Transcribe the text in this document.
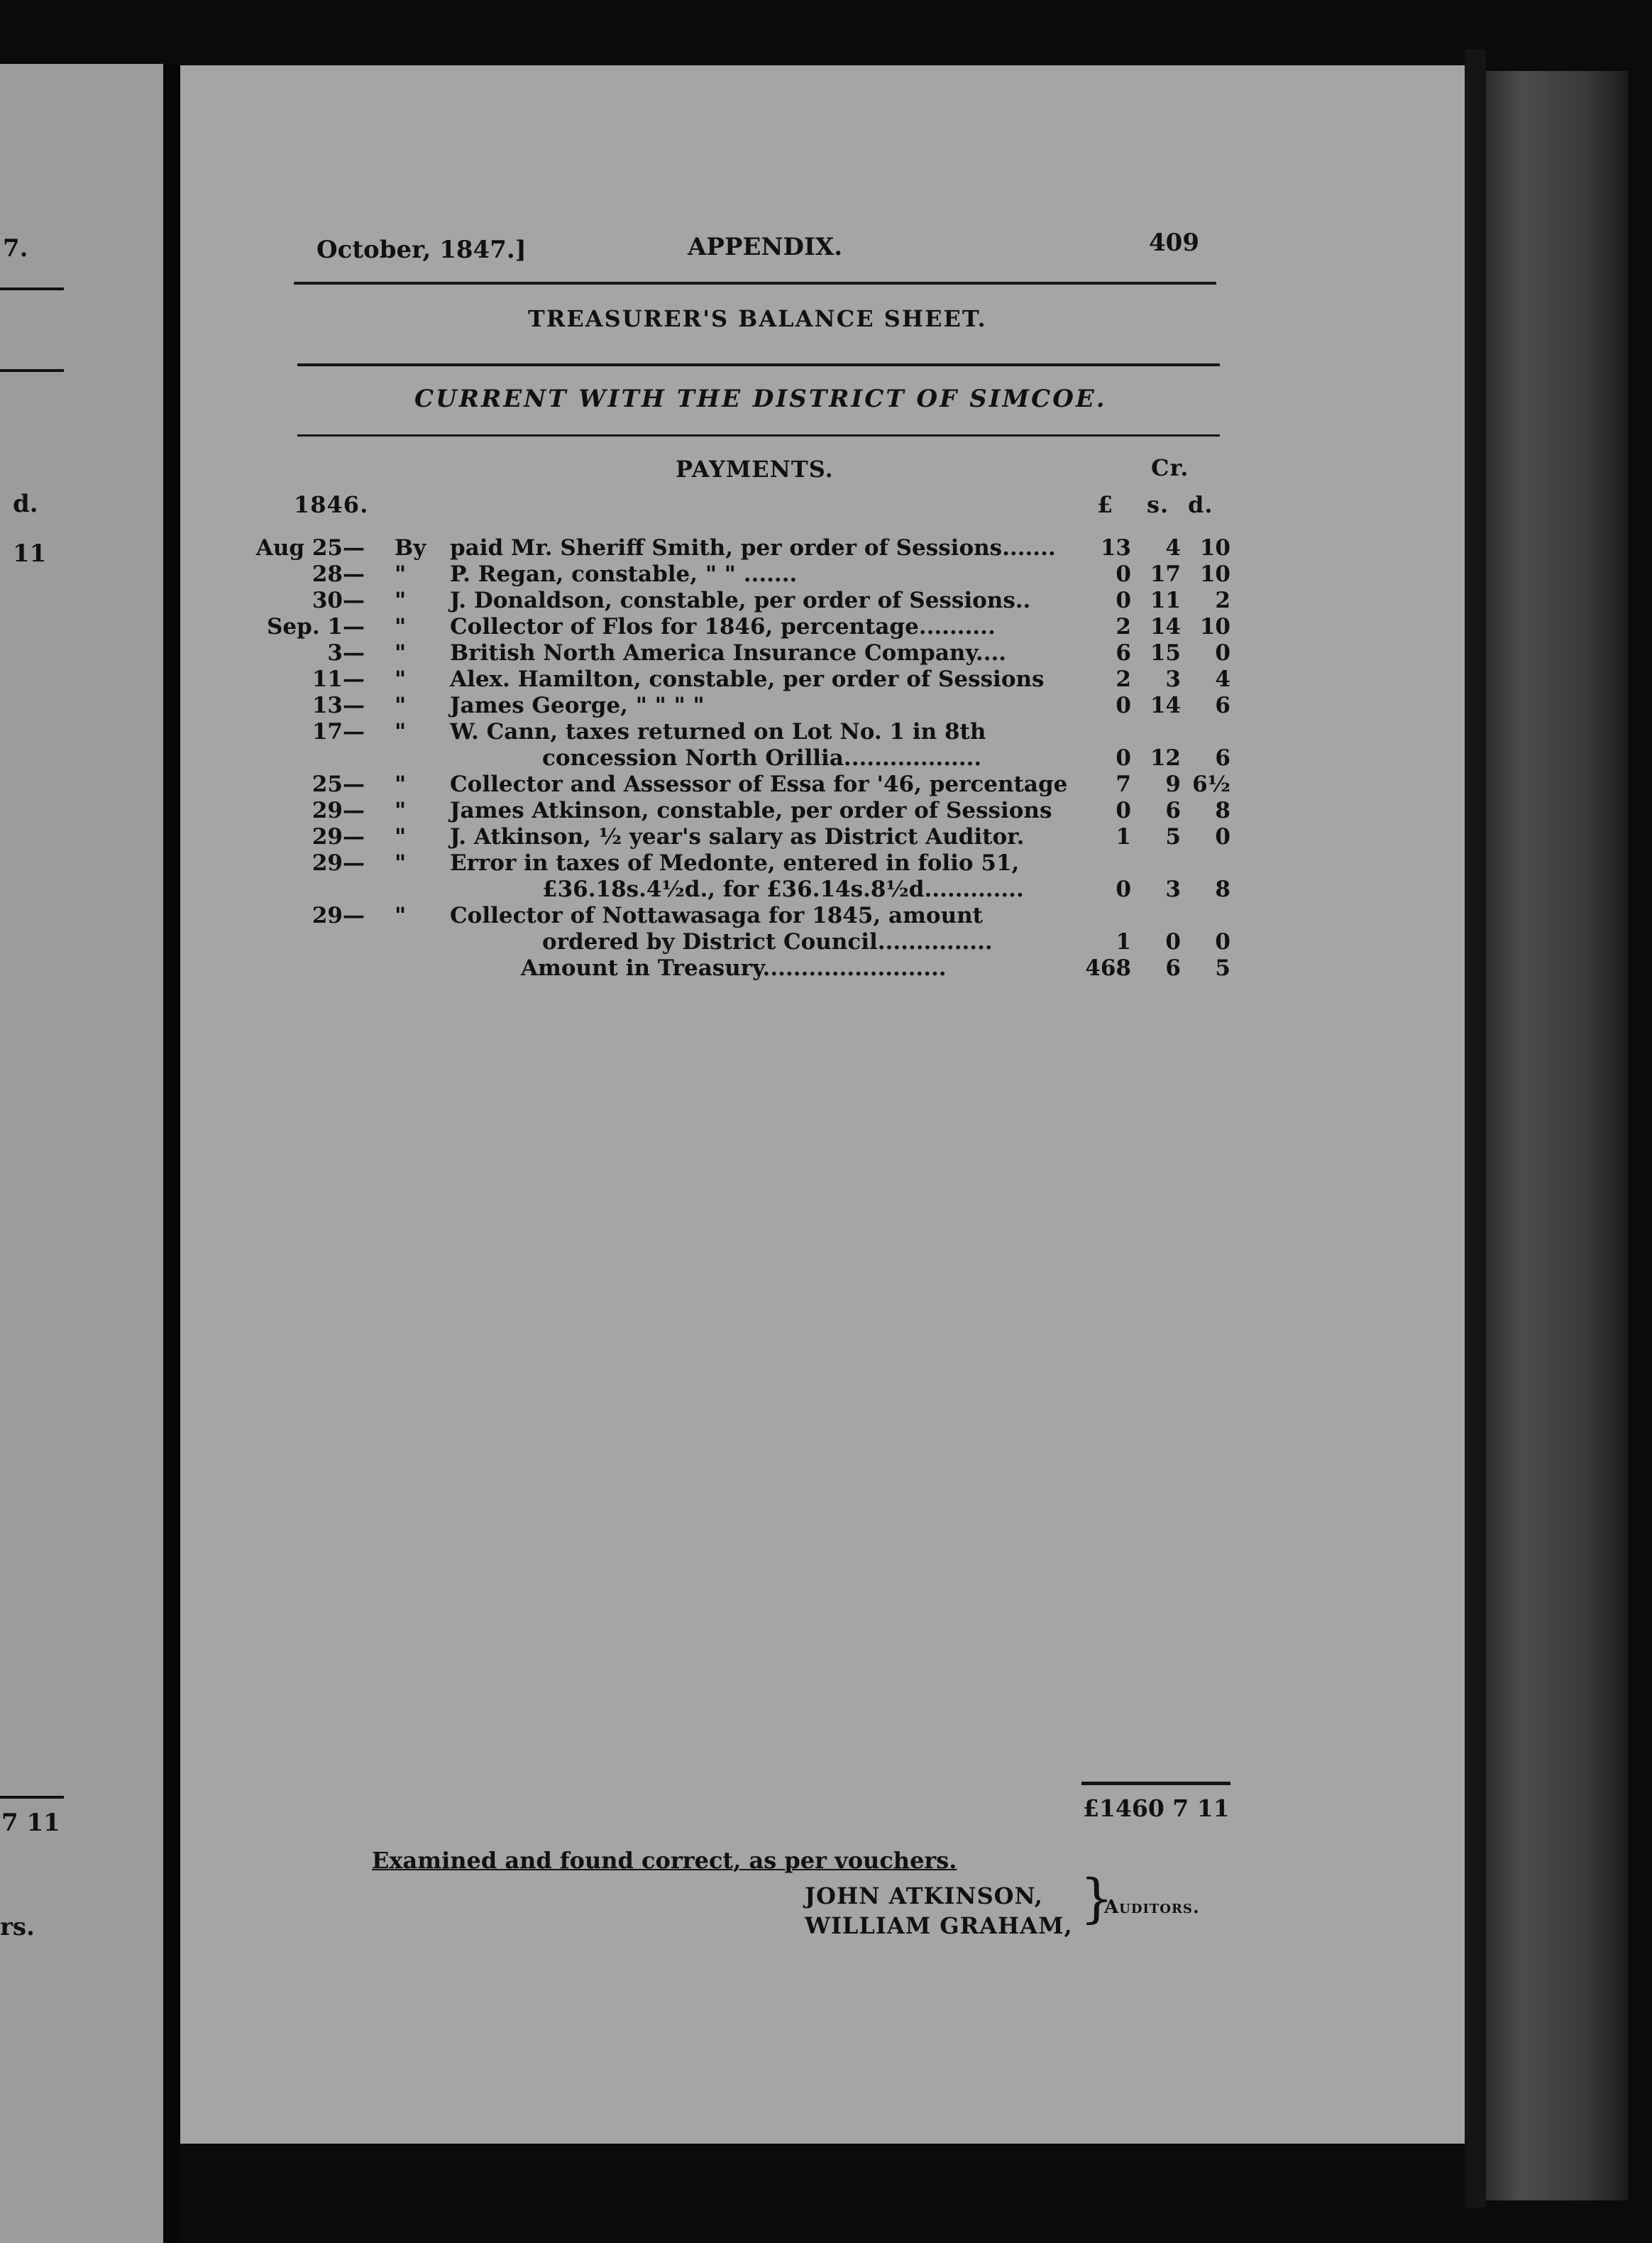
7.
d.
11
7 11
rs.
October, 1847.]	APPENDIX.	409
TREASURER'S BALANCE SHEET.
CURRENT WITH THE DISTRICT OF SIMCOE.
PAYMENTS.	Cr.
1846.	£ s. d.
Aug 25— By paid Mr. Sheriff Smith, per order of Sessions.......	13	4 10
28— " P. Regan, constable, " " .......	0 17 10
30— " J. Donaldson, constable, per order of Sessions..	0 11	2
Sep. 1— " Collector of Flos for 1846, percentage..........	2 14 10
3— " British North America Insurance Company....	6 15	0
11— " Alex. Hamilton, constable, per order of Sessions	2	3	4
13— " James George, " " " "	0 14	6
17— " W. Cann, taxes returned on Lot No. 1 in 8th
concession North Orillia..................	0 12	6
25— " Collector and Assessor of Essa for '46, percentage	7	9 6½
29— " James Atkinson, constable, per order of Sessions	0	6	8
29— " J. Atkinson, ½ year's salary as District Auditor.	1	5	0
29— " Error in taxes of Medonte, entered in folio 51,
£36.18s.4½d., for £36.14s.8½d.............	0	3	8
29— " Collector of Nottawasaga for 1845, amount
ordered by District Council...............	1	0	0
Amount in Treasury........................	468	6	5
£1460 7 11
Examined and found correct, as per vouchers.
JOHN ATKINSON,
WILLIAM GRAHAM, }
Auditors.
